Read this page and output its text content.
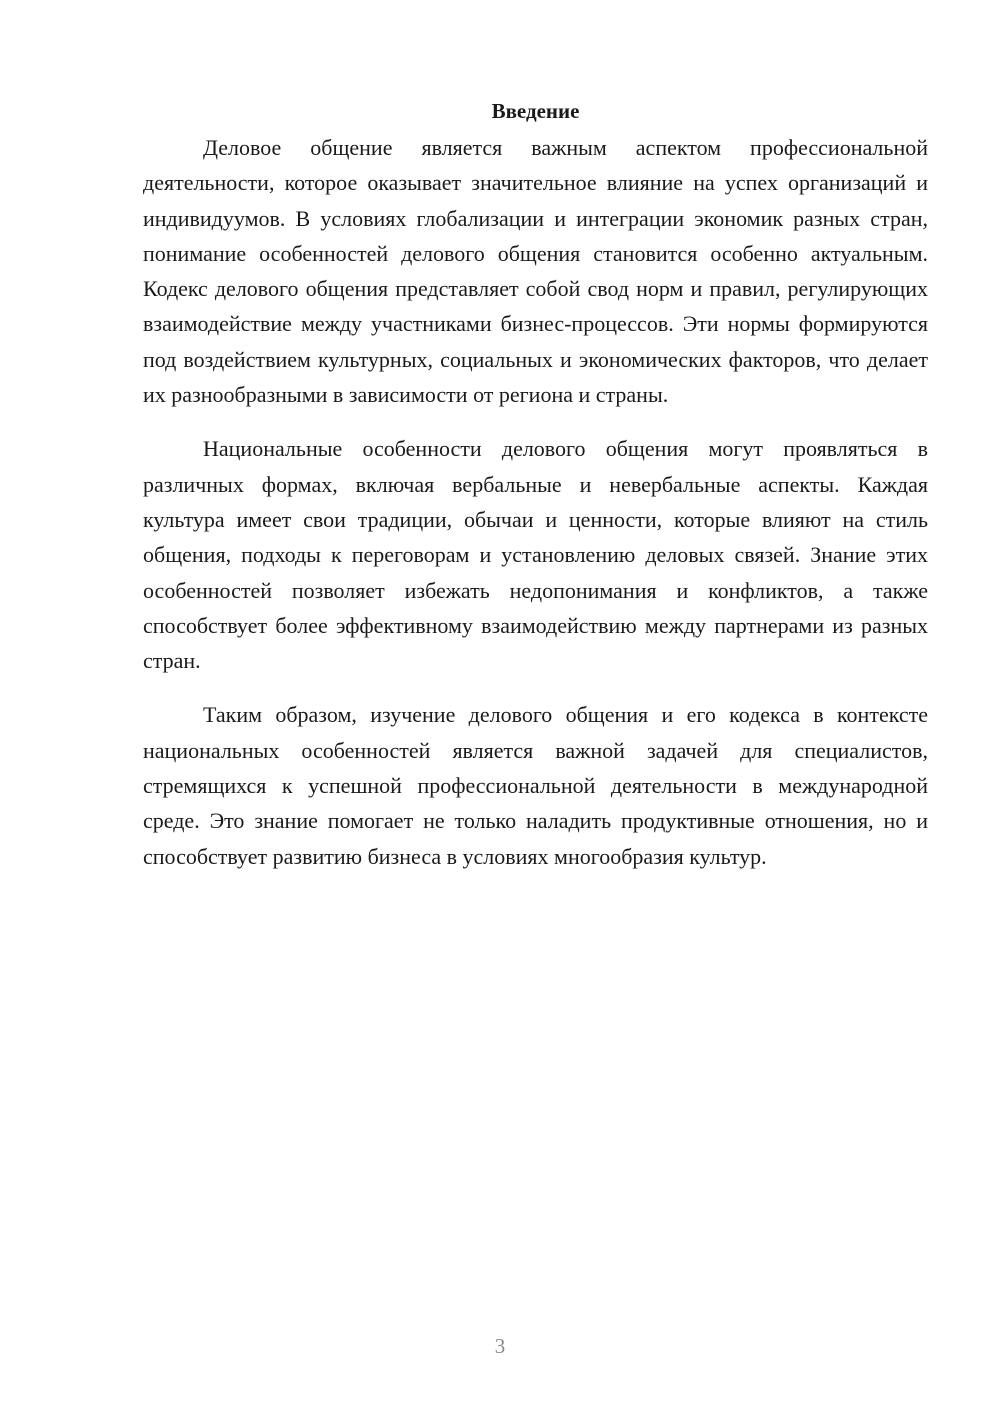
Введение

Деловое общение является важным аспектом профессиональной деятельности, которое оказывает значительное влияние на успех организаций и индивидуумов. В условиях глобализации и интеграции экономик разных стран, понимание особенностей делового общения становится особенно актуальным. Кодекс делового общения представляет собой свод норм и правил, регулирующих взаимодействие между участниками бизнес-процессов. Эти нормы формируются под воздействием культурных, социальных и экономических факторов, что делает их разнообразными в зависимости от региона и страны.

Национальные особенности делового общения могут проявляться в различных формах, включая вербальные и невербальные аспекты. Каждая культура имеет свои традиции, обычаи и ценности, которые влияют на стиль общения, подходы к переговорам и установлению деловых связей. Знание этих особенностей позволяет избежать недопонимания и конфликтов, а также способствует более эффективному взаимодействию между партнерами из разных стран.

Таким образом, изучение делового общения и его кодекса в контексте национальных особенностей является важной задачей для специалистов, стремящихся к успешной профессиональной деятельности в международной среде. Это знание помогает не только наладить продуктивные отношения, но и способствует развитию бизнеса в условиях многообразия культур.

3
